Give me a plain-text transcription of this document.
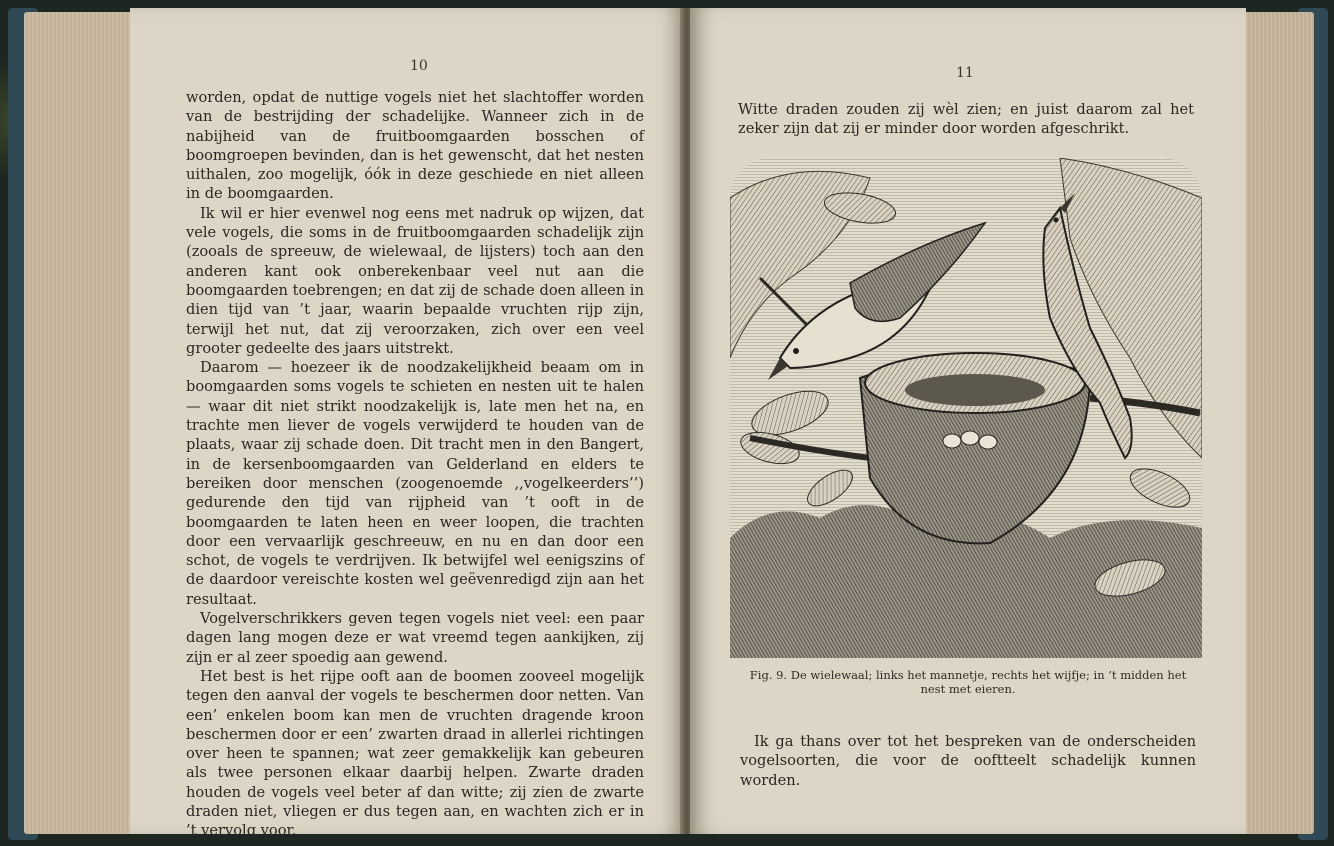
10

worden, opdat de nuttige vogels niet het slachtoffer worden van de bestrijding der schadelijke. Wanneer zich in de nabijheid van de fruitboomgaarden bosschen of boomgroepen bevinden, dan is het gewenscht, dat het nesten uithalen, zoo mogelijk, óók in deze geschiede en niet alleen in de boomgaarden.

Ik wil er hier evenwel nog eens met nadruk op wijzen, dat vele vogels, die soms in de fruitboomgaarden schadelijk zijn (zooals de spreeuw, de wielewaal, de lijsters) toch aan den anderen kant ook onberekenbaar veel nut aan die boomgaarden toebrengen; en dat zij de schade doen alleen in dien tijd van ’t jaar, waarin bepaalde vruchten rijp zijn, terwijl het nut, dat zij veroorzaken, zich over een veel grooter gedeelte des jaars uitstrekt.

Daarom — hoezeer ik de noodzakelijkheid beaam om in boomgaarden soms vogels te schieten en nesten uit te halen — waar dit niet strikt noodzakelijk is, late men het na, en trachte men liever de vogels verwijderd te houden van de plaats, waar zij schade doen. Dit tracht men in den Bangert, in de kersenboomgaarden van Gelderland en elders te bereiken door menschen (zoogenoemde ,,vogelkeerders’’) gedurende den tijd van rijpheid van ’t ooft in de boomgaarden te laten heen en weer loopen, die trachten door een vervaarlijk geschreeuw, en nu en dan door een schot, de vogels te verdrijven. Ik betwijfel wel eenigszins of de daardoor vereischte kosten wel geëvenredigd zijn aan het resultaat.

Vogelverschrikkers geven tegen vogels niet veel: een paar dagen lang mogen deze er wat vreemd tegen aankijken, zij zijn er al zeer spoedig aan gewend.

Het best is het rijpe ooft aan de boomen zooveel mogelijk tegen den aanval der vogels te beschermen door netten. Van een’ enkelen boom kan men de vruchten dragende kroon beschermen door er een’ zwarten draad in allerlei richtingen over heen te spannen; wat zeer gemakkelijk kan gebeuren als twee personen elkaar daarbij helpen. Zwarte draden houden de vogels veel beter af dan witte; zij zien de zwarte draden niet, vliegen er dus tegen aan, en wachten zich er in ’t vervolg voor.

11

Witte draden zouden zij wèl zien; en juist daarom zal het zeker zijn dat zij er minder door worden afgeschrikt.

Fig. 9. De wielewaal; links het mannetje, rechts het wijfje; in ’t midden het nest met eieren.

Ik ga thans over tot het bespreken van de onderscheiden vogelsoorten, die voor de ooftteelt schadelijk kunnen worden.
